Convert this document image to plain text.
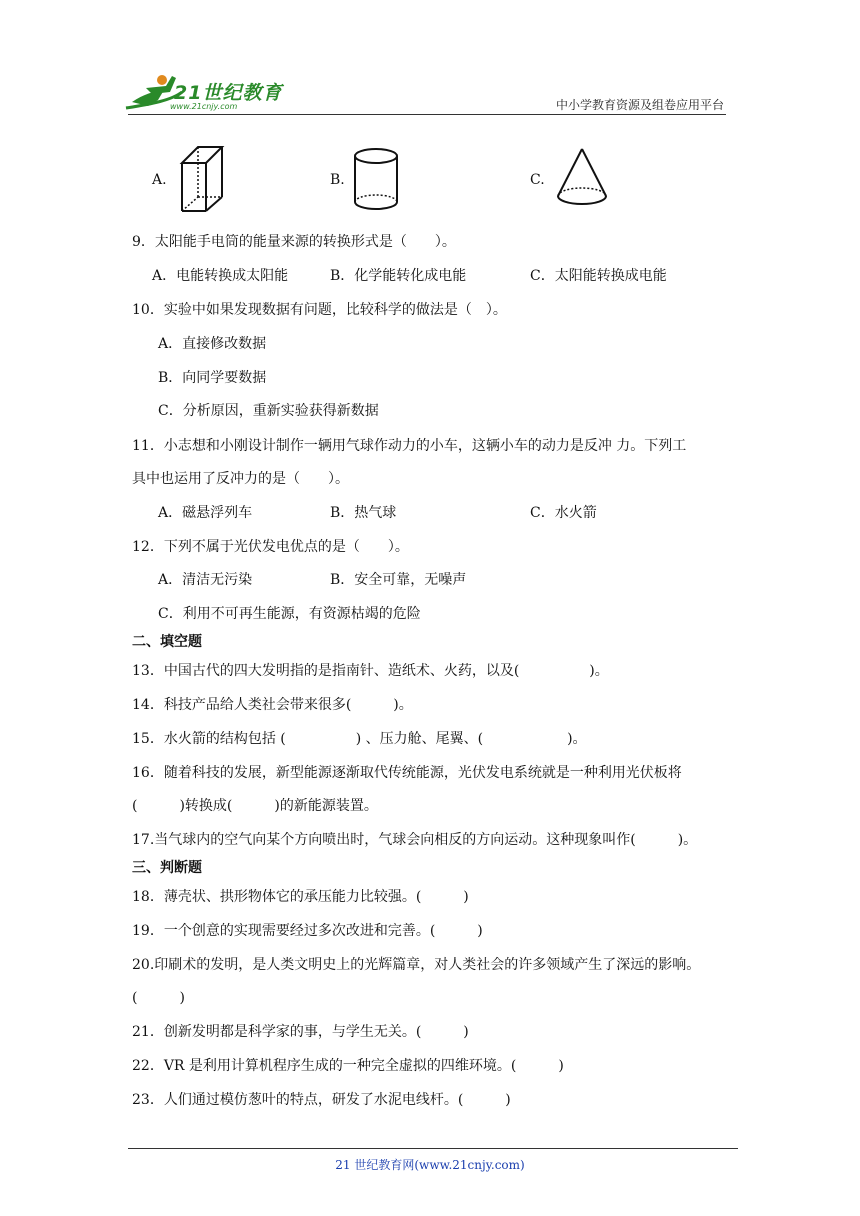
21世纪教育
www.21cnjy.com	中小学教育资源及组卷应用平台
A.	B.	C.
9．太阳能手电筒的能量来源的转换形式是（　　）。
A．电能转换成太阳能	B．化学能转化成电能	C．太阳能转换成电能
10．实验中如果发现数据有问题，比较科学的做法是（　）。
A．直接修改数据
B．向同学要数据
C．分析原因，重新实验获得新数据
11．小志想和小刚设计制作一辆用气球作动力的小车，这辆小车的动力是反冲 力。下列工
具中也运用了反冲力的是（　　）。
A．磁悬浮列车	B．热气球	C．水火箭
12．下列不属于光伏发电优点的是（　　）。
A．清洁无污染	B．安全可靠，无噪声
C．利用不可再生能源，有资源枯竭的危险
二、填空题
13．中国古代的四大发明指的是指南针、造纸术、火药，以及(　　　　　)。
14．科技产品给人类社会带来很多(　　　)。
15．水火箭的结构包括 (　　　　　) 、压力舱、尾翼、(　　　　　　)。
16．随着科技的发展，新型能源逐渐取代传统能源，光伏发电系统就是一种利用光伏板将
(　　　)转换成(　　　)的新能源装置。
17.当气球内的空气向某个方向喷出时，气球会向相反的方向运动。这种现象叫作(　　　)。
三、判断题
18．薄壳状、拱形物体它的承压能力比较强。(　　　)
19．一个创意的实现需要经过多次改进和完善。(　　　)
20.印刷术的发明，是人类文明史上的光辉篇章，对人类社会的许多领域产生了深远的影响。
(　　　)
21．创新发明都是科学家的事，与学生无关。(　　　)
22．VR 是利用计算机程序生成的一种完全虚拟的四维环境。(　　　)
23．人们通过模仿葱叶的特点，研发了水泥电线杆。(　　　)
21 世纪教育网(www.21cnjy.com)
